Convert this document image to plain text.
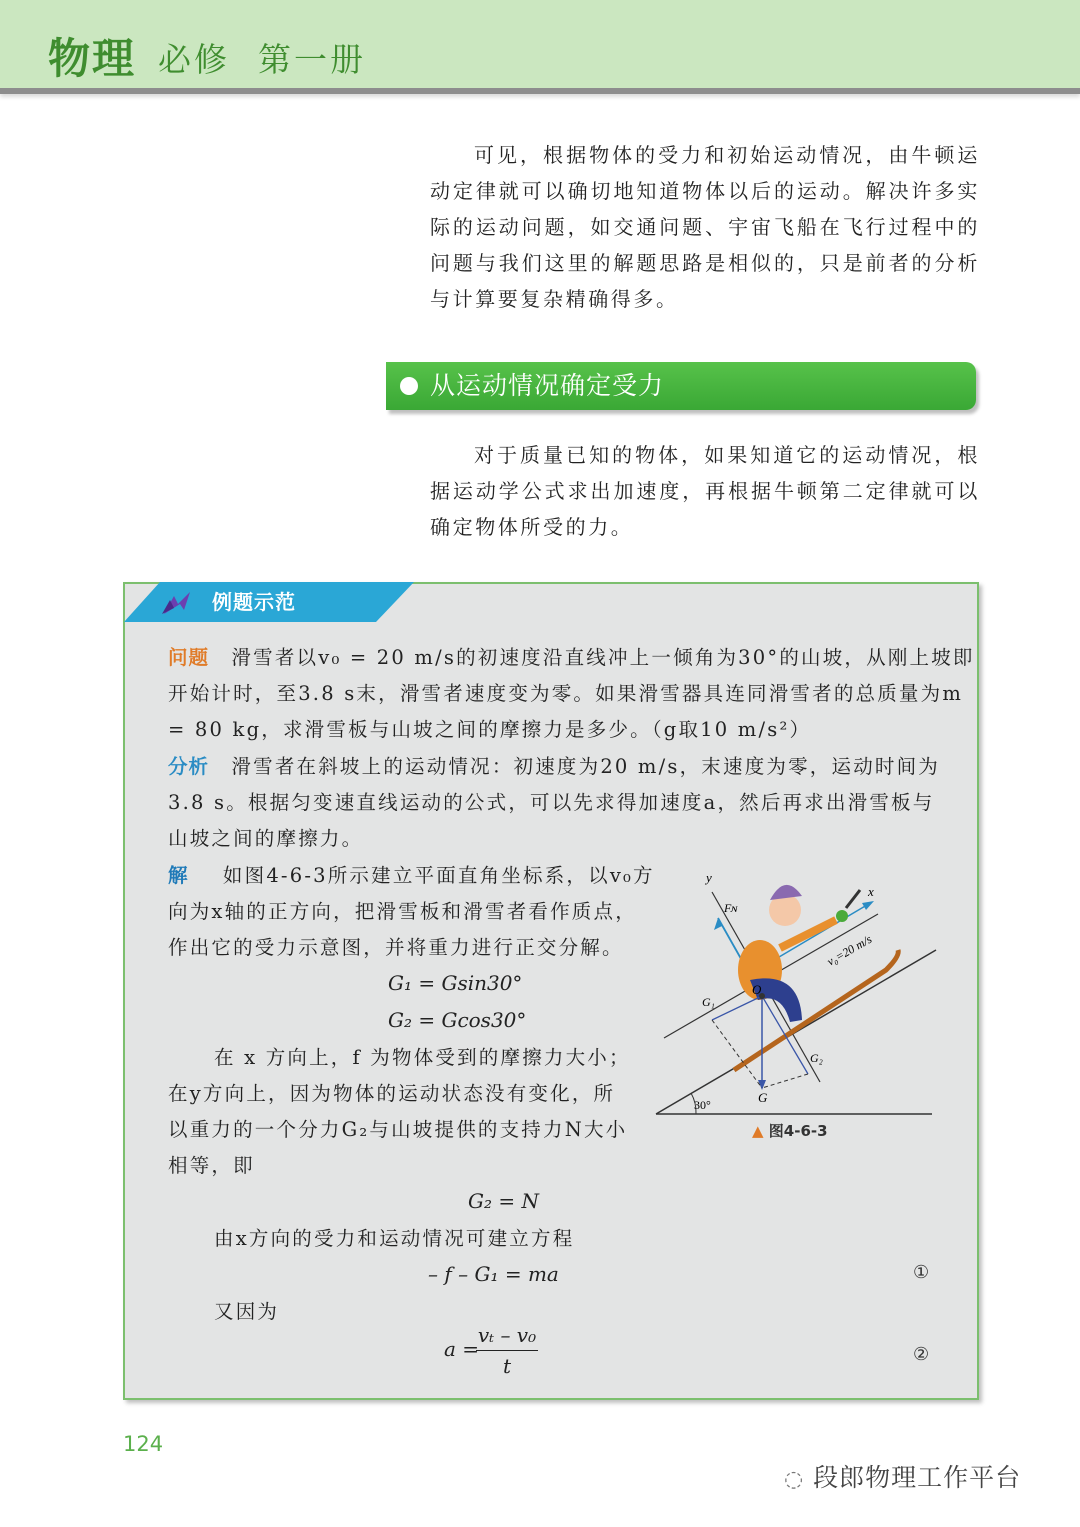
物理 必修 第一册
可见，根据物体的受力和初始运动情况，由牛顿运动定律就可以确切地知道物体以后的运动。解决许多实际的运动问题，如交通问题、宇宙飞船在飞行过程中的问题与我们这里的解题思路是相似的，只是前者的分析与计算要复杂精确得多。
从运动情况确定受力
对于质量已知的物体，如果知道它的运动情况，根据运动学公式求出加速度，再根据牛顿第二定律就可以确定物体所受的力。
例题示范
问题 滑雪者以v₀ = 20 m/s的初速度沿直线冲上一倾角为30°的山坡，从刚上坡即
开始计时，至3.8 s末，滑雪者速度变为零。如果滑雪器具连同滑雪者的总质量为m
= 80 kg，求滑雪板与山坡之间的摩擦力是多少。（g取10 m/s²）
分析 滑雪者在斜坡上的运动情况：初速度为20 m/s，末速度为零，运动时间为
3.8 s。根据匀变速直线运动的公式，可以先求得加速度a，然后再求出滑雪板与
山坡之间的摩擦力。
解 如图4-6-3所示建立平面直角坐标系，以v₀方
向为x轴的正方向，把滑雪板和滑雪者看作质点，
作出它的受力示意图，并将重力进行正交分解。
G₁ = Gsin30°
G₂ = Gcos30°
在 x 方向上，f 为物体受到的摩擦力大小；
在y方向上，因为物体的运动状态没有变化，所
以重力的一个分力G₂与山坡提供的支持力N大小
相等，即
G₂ = N
由x方向的受力和运动情况可建立方程
– f – G₁ = ma	①
又因为
a =
vₜ – v₀
t	②
y
x
Fɴ
v₀=20 m/s
O
G
G₁
G₂
30°
▲ 图4-6-3
124
◌ 段郎物理工作平台
